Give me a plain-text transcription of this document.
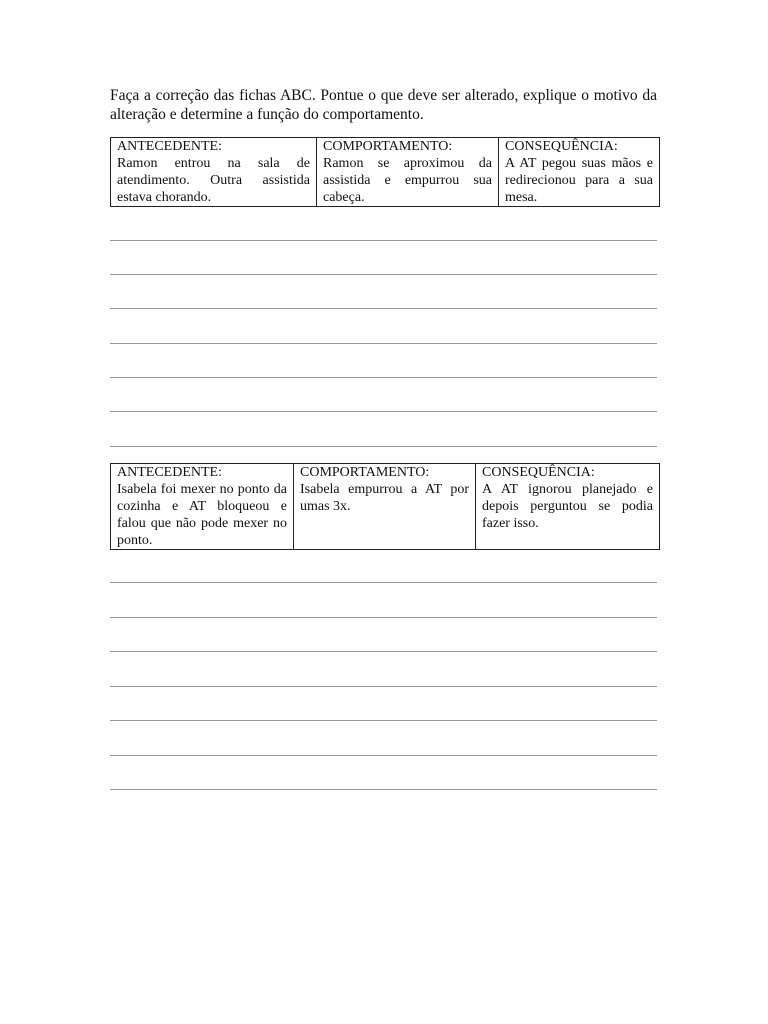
Faça a correção das fichas ABC. Pontue o que deve ser alterado, explique o motivo da alteração e determine a função do comportamento.

ANTECEDENTE:
Ramon entrou na sala de atendimento. Outra assistida estava chorando.

COMPORTAMENTO:
Ramon se aproximou da assistida e empurrou sua cabeça.

CONSEQUÊNCIA:
A AT pegou suas mãos e redirecionou para a sua mesa.
ANTECEDENTE:
Isabela foi mexer no ponto da cozinha e AT bloqueou e falou que não pode mexer no ponto.

COMPORTAMENTO:
Isabela empurrou a AT por umas 3x.

CONSEQUÊNCIA:
A AT ignorou planejado e depois perguntou se podia fazer isso.
